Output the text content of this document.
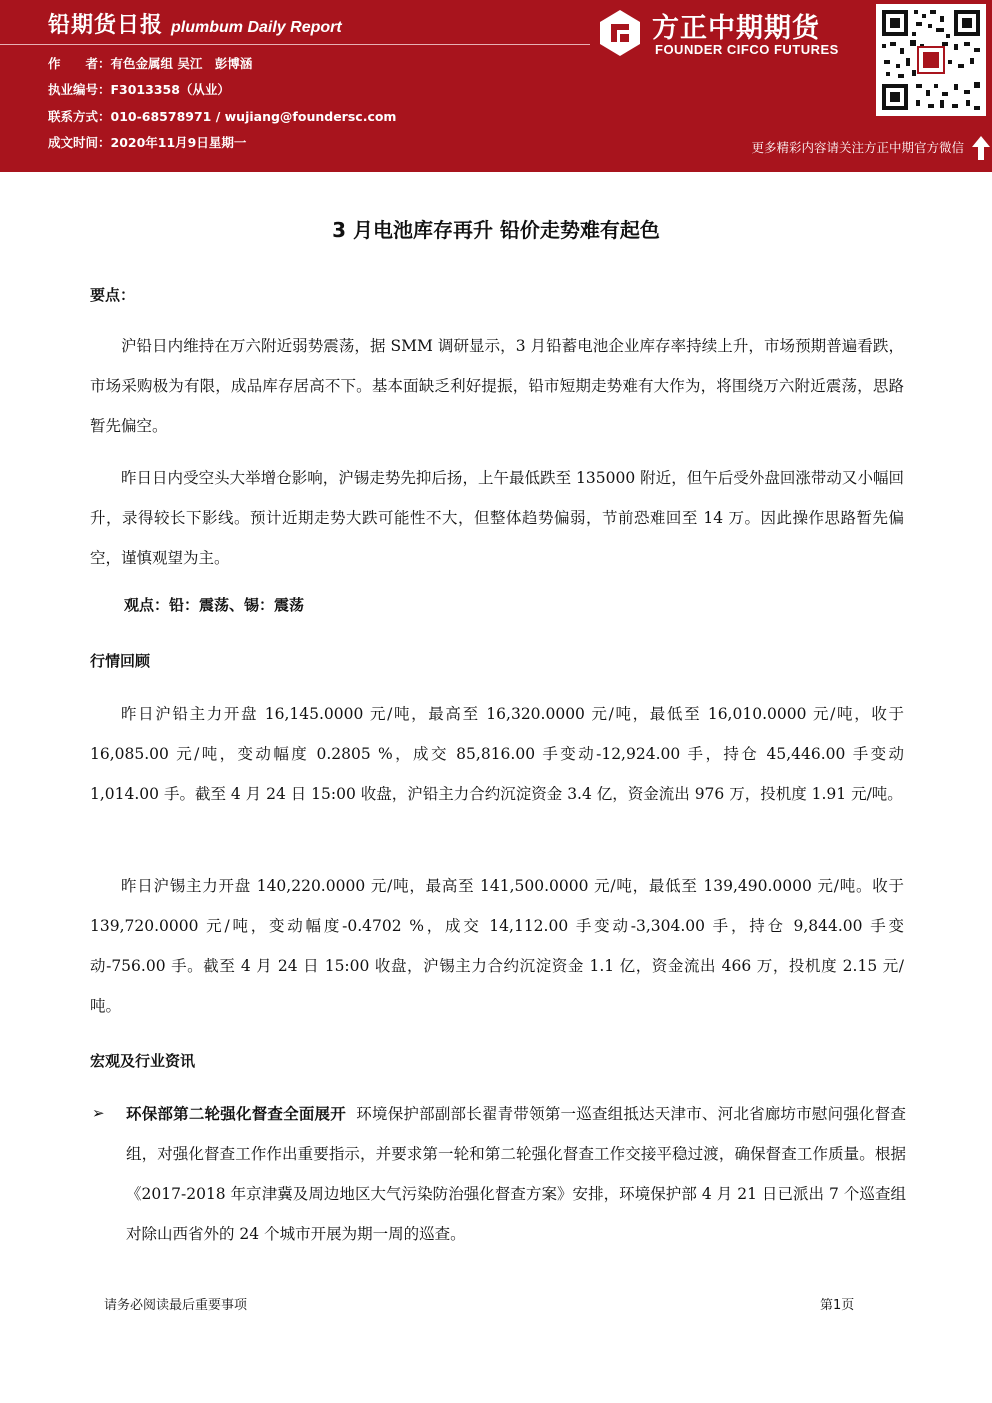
铅期货日报 plumbum Daily Report
作　　者：有色金属组 吴江　彭博涵
执业编号：F3013358（从业）
联系方式：010-68578971 / wujiang@foundersc.com
成文时间：2020年11月9日星期一
方正中期期货
FOUNDER CIFCO FUTURES
更多精彩内容请关注方正中期官方微信
3 月电池库存再升 铅价走势难有起色
要点：
沪铅日内维持在万六附近弱势震荡，据 SMM 调研显示，3 月铅蓄电池企业库存率持续上升，市场预期普遍看跌，市场采购极为有限，成品库存居高不下。基本面缺乏利好提振，铅市短期走势难有大作为，将围绕万六附近震荡，思路暂先偏空。
昨日日内受空头大举增仓影响，沪锡走势先抑后扬，上午最低跌至 135000 附近，但午后受外盘回涨带动又小幅回升，录得较长下影线。预计近期走势大跌可能性不大，但整体趋势偏弱，节前恐难回至 14 万。因此操作思路暂先偏空，谨慎观望为主。
观点：铅：震荡、锡：震荡
行情回顾
昨日沪铅主力开盘 16,145.0000 元/吨，最高至 16,320.0000 元/吨，最低至 16,010.0000 元/吨，收于 16,085.00 元/吨，变动幅度 0.2805 %，成交 85,816.00 手变动-12,924.00 手，持仓 45,446.00 手变动 1,014.00 手。截至 4 月 24 日 15:00 收盘，沪铅主力合约沉淀资金 3.4 亿，资金流出 976 万，投机度 1.91 元/吨。
昨日沪锡主力开盘 140,220.0000 元/吨，最高至 141,500.0000 元/吨，最低至 139,490.0000 元/吨。收于 139,720.0000 元/吨，变动幅度-0.4702 %，成交 14,112.00 手变动-3,304.00 手，持仓 9,844.00 手变动-756.00 手。截至 4 月 24 日 15:00 收盘，沪锡主力合约沉淀资金 1.1 亿，资金流出 466 万，投机度 2.15 元/吨。
宏观及行业资讯
➢ 环保部第二轮强化督查全面展开 环境保护部副部长翟青带领第一巡查组抵达天津市、河北省廊坊市慰问强化督查组，对强化督查工作作出重要指示，并要求第一轮和第二轮强化督查工作交接平稳过渡，确保督查工作质量。根据《2017-2018 年京津冀及周边地区大气污染防治强化督查方案》安排，环境保护部 4 月 21 日已派出 7 个巡查组对除山西省外的 24 个城市开展为期一周的巡查。
请务必阅读最后重要事项	第1页
